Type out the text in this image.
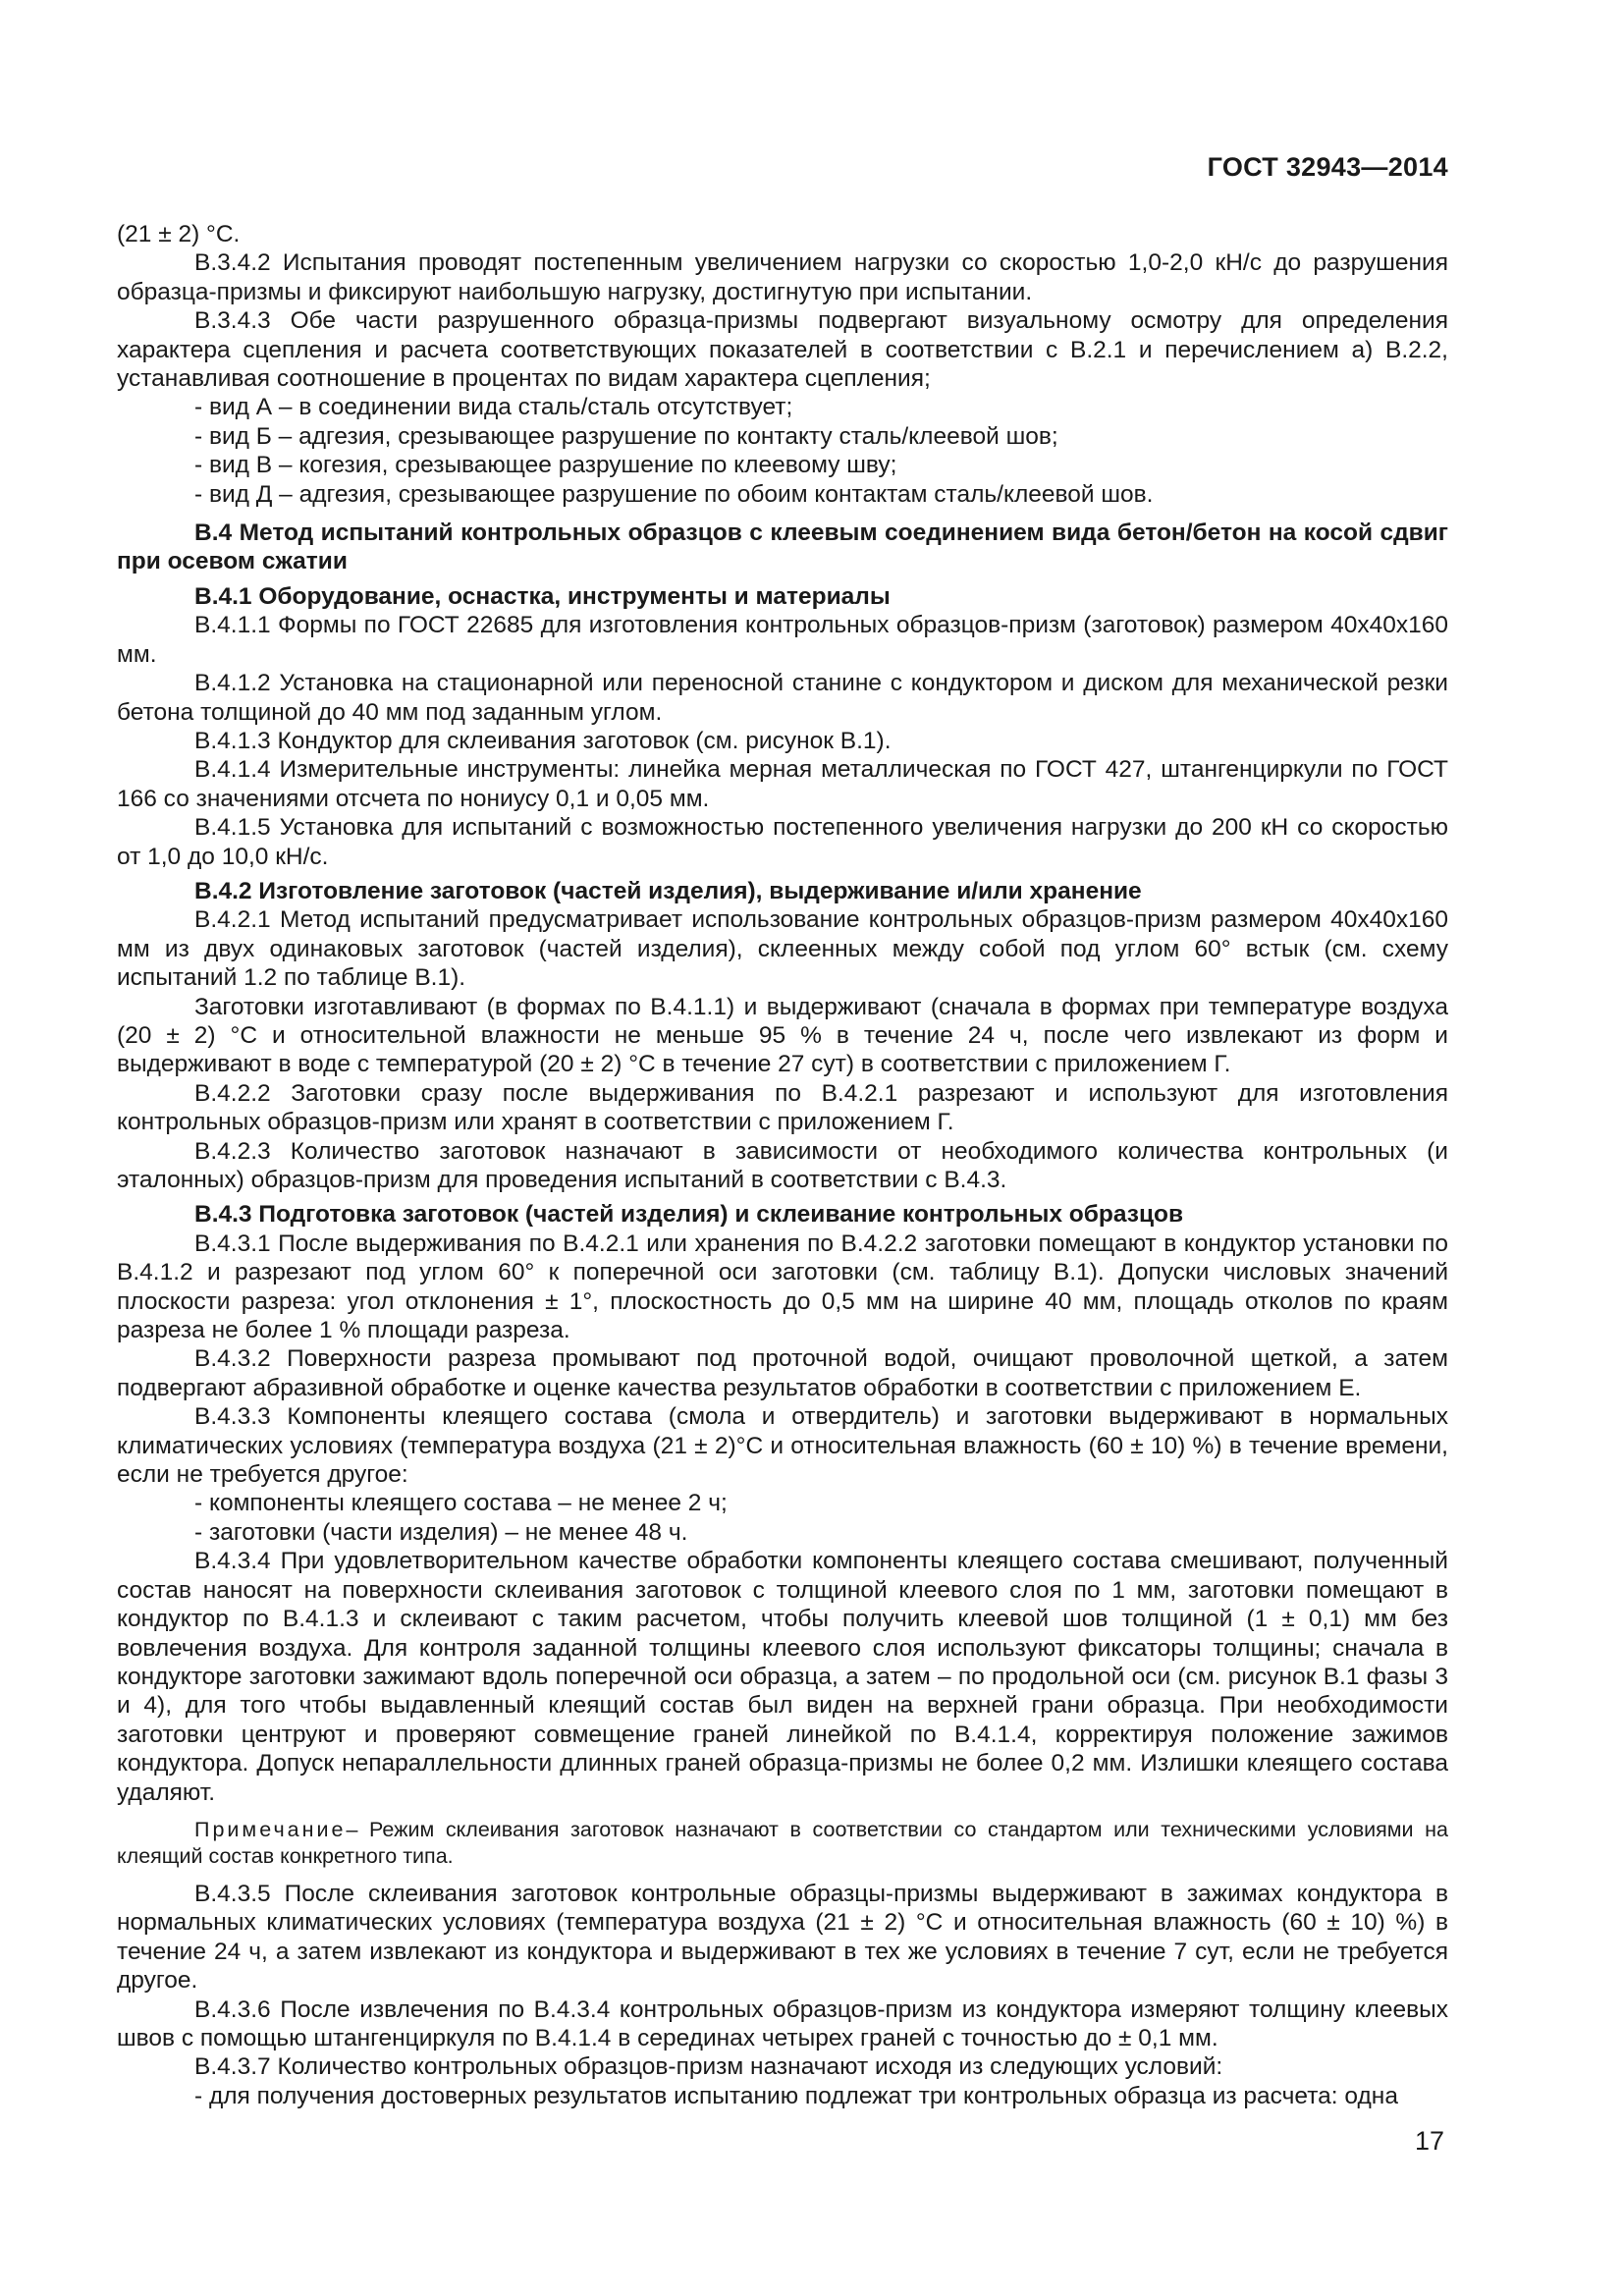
ГОСТ 32943—2014

(21 ± 2) °С.

В.3.4.2 Испытания проводят постепенным увеличением нагрузки со скоростью 1,0-2,0 кН/с до разрушения образца-призмы и фиксируют наибольшую нагрузку, достигнутую при испытании.

В.3.4.3 Обе части разрушенного образца-призмы подвергают визуальному осмотру для определения характера сцепления и расчета соответствующих показателей в соответствии с В.2.1 и перечислением а) В.2.2, устанавливая соотношение в процентах по видам характера сцепления;

- вид А – в соединении вида сталь/сталь отсутствует;

- вид Б – адгезия, срезывающее разрушение по контакту сталь/клеевой шов;

- вид В – когезия, срезывающее разрушение по клеевому шву;

- вид Д – адгезия, срезывающее разрушение по обоим контактам сталь/клеевой шов.

В.4 Метод испытаний контрольных образцов с клеевым соединением вида бетон/бетон на косой сдвиг при осевом сжатии

В.4.1 Оборудование, оснастка, инструменты и материалы

В.4.1.1 Формы по ГОСТ 22685 для изготовления контрольных образцов-призм (заготовок) размером 40х40х160 мм.

В.4.1.2 Установка на стационарной или переносной станине с кондуктором и диском для механической резки бетона толщиной до 40 мм под заданным углом.

В.4.1.3 Кондуктор для склеивания заготовок (см. рисунок В.1).

В.4.1.4 Измерительные инструменты: линейка мерная металлическая по ГОСТ 427, штангенциркули по ГОСТ 166 со значениями отсчета по нониусу 0,1 и 0,05 мм.

В.4.1.5 Установка для испытаний с возможностью постепенного увеличения нагрузки до 200 кН со скоростью от 1,0 до 10,0 кН/с.

В.4.2 Изготовление заготовок (частей изделия), выдерживание и/или хранение

В.4.2.1 Метод испытаний предусматривает использование контрольных образцов-призм размером 40х40х160 мм из двух одинаковых заготовок (частей изделия), склеенных между собой под углом 60° встык (см. схему испытаний 1.2 по таблице В.1).

Заготовки изготавливают (в формах по В.4.1.1) и выдерживают (сначала в формах при температуре воздуха (20 ± 2) °С и относительной влажности не меньше 95 % в течение 24 ч, после чего извлекают из форм и выдерживают в воде с температурой (20 ± 2) °С в течение 27 сут) в соответствии с приложением Г.

В.4.2.2 Заготовки сразу после выдерживания по В.4.2.1 разрезают и используют для изготовления контрольных образцов-призм или хранят в соответствии с приложением Г.

В.4.2.3 Количество заготовок назначают в зависимости от необходимого количества контрольных (и эталонных) образцов-призм для проведения испытаний в соответствии с В.4.3.

В.4.3 Подготовка заготовок (частей изделия) и склеивание контрольных образцов

В.4.3.1 После выдерживания по В.4.2.1 или хранения по В.4.2.2 заготовки помещают в кондуктор установки по В.4.1.2 и разрезают под углом 60° к поперечной оси заготовки (см. таблицу В.1). Допуски числовых значений плоскости разреза: угол отклонения ± 1°, плоскостность до 0,5 мм на ширине 40 мм, площадь отколов по краям разреза не более 1 % площади разреза.

В.4.3.2 Поверхности разреза промывают под проточной водой, очищают проволочной щеткой, а затем подвергают абразивной обработке и оценке качества результатов обработки в соответствии с приложением Е.

В.4.3.3 Компоненты клеящего состава (смола и отвердитель) и заготовки выдерживают в нормальных климатических условиях (температура воздуха (21 ± 2)°С и относительная влажность (60 ± 10) %) в течение времени, если не требуется другое:

- компоненты клеящего состава – не менее 2 ч;

- заготовки (части изделия) – не менее 48 ч.

В.4.3.4 При удовлетворительном качестве обработки компоненты клеящего состава смешивают, полученный состав наносят на поверхности склеивания заготовок с толщиной клеевого слоя по 1 мм, заготовки помещают в кондуктор по В.4.1.3 и склеивают с таким расчетом, чтобы получить клеевой шов толщиной (1 ± 0,1) мм без вовлечения воздуха. Для контроля заданной толщины клеевого слоя используют фиксаторы толщины; сначала в кондукторе заготовки зажимают вдоль поперечной оси образца, а затем – по продольной оси (см. рисунок В.1 фазы 3 и 4), для того чтобы выдавленный клеящий состав был виден на верхней грани образца. При необходимости заготовки центруют и проверяют совмещение граней линейкой по В.4.1.4, корректируя положение зажимов кондуктора. Допуск непараллельности длинных граней образца-призмы не более 0,2 мм. Излишки клеящего состава удаляют.

Примечание– Режим склеивания заготовок назначают в соответствии со стандартом или техническими условиями на клеящий состав конкретного типа.

В.4.3.5 После склеивания заготовок контрольные образцы-призмы выдерживают в зажимах кондуктора в нормальных климатических условиях (температура воздуха (21 ± 2) °С и относительная влажность (60 ± 10) %) в течение 24 ч, а затем извлекают из кондуктора и выдерживают в тех же условиях в течение 7 сут, если не требуется другое.

В.4.3.6 После извлечения по В.4.3.4 контрольных образцов-призм из кондуктора измеряют толщину клеевых швов с помощью штангенциркуля по В.4.1.4 в серединах четырех граней с точностью до ± 0,1 мм.

В.4.3.7 Количество контрольных образцов-призм назначают исходя из следующих условий:

- для получения достоверных результатов испытанию подлежат три контрольных образца из расчета: одна

17
